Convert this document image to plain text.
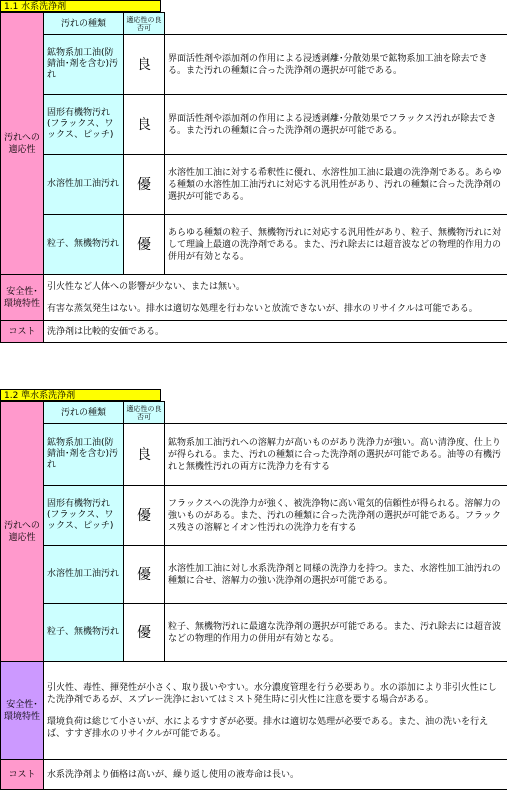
1.1 水系洗浄剤
汚れへの適応性	汚れの種類	適応性の良否可	
	鉱物系加工油(防錆油･剤を含む)汚れ	良	界面活性剤や添加剤の作用による浸透剥離･分散効果で鉱物系加工油を除去できる。また汚れの種類に合った洗浄剤の選択が可能である。
	固形有機物汚れ(フラックス、ワックス、ピッチ)	良	界面活性剤や添加剤の作用による浸透剥離･分散効果でフラックス汚れが除去できる。また汚れの種類に合った洗浄剤の選択が可能である。
	水溶性加工油汚れ	優	水溶性加工油に対する希釈性に優れ、水溶性加工油に最適の洗浄剤である。あらゆる種類の水溶性加工油汚れに対応する汎用性があり、汚れの種類に合った洗浄剤の選択が可能である。
	粒子、無機物汚れ	優	あらゆる種類の粒子、無機物汚れに対応する汎用性があり、粒子、無機物汚れに対して理論上最適の洗浄剤である。また、汚れ除去には超音波などの物理的作用力の併用が有効となる。
安全性･環境特性	引火性など人体への影響が少ない、または無い。
有害な蒸気発生はない。排水は適切な処理を行わないと放流できないが、排水のリサイクルは可能である。		

コスト	洗浄剤は比較的安価である。		
1.2 準水系洗浄剤
汚れへの適応性	汚れの種類	適応性の良否可	
	鉱物系加工油(防錆油･剤を含む)汚れ	良	鉱物系加工油汚れへの溶解力が高いものがあり洗浄力が強い。高い清浄度、仕上りが得られる。また、汚れの種類に合った洗浄剤の選択が可能である。油等の有機汚れと無機性汚れの両方に洗浄力を有する
	固形有機物汚れ(フラックス、ワックス、ピッチ)	優	フラックスへの洗浄力が強く、被洗浄物に高い電気的信頼性が得られる。溶解力の強いものがある。また、汚れの種類に合った洗浄剤の選択が可能である。フラックス残さの溶解とイオン性汚れの洗浄力を有する
	水溶性加工油汚れ	優	水溶性加工油に対し水系洗浄剤と同様の洗浄力を持つ。また、水溶性加工油汚れの種類に合せ、溶解力の強い洗浄剤の選択が可能である。
	粒子、無機物汚れ	優	粒子、無機物汚れに最適な洗浄剤の選択が可能である。また、汚れ除去には超音波などの物理的作用力の併用が有効となる。
安全性･環境特性	引火性、毒性、揮発性が小さく、取り扱いやすい。水分濃度管理を行う必要あり。水の添加により非引火性にした洗浄剤であるが、スプレー洗浄においてはミスト発生時に引火性に注意を要する場合がある。
環境負荷は総じて小さいが、水によるすすぎが必要。排水は適切な処理が必要である。また、油の洗いを行えば、すすぎ排水のリサイクルが可能である。		

コスト	水系洗浄剤より価格は高いが、繰り返し使用の液寿命は長い。		
